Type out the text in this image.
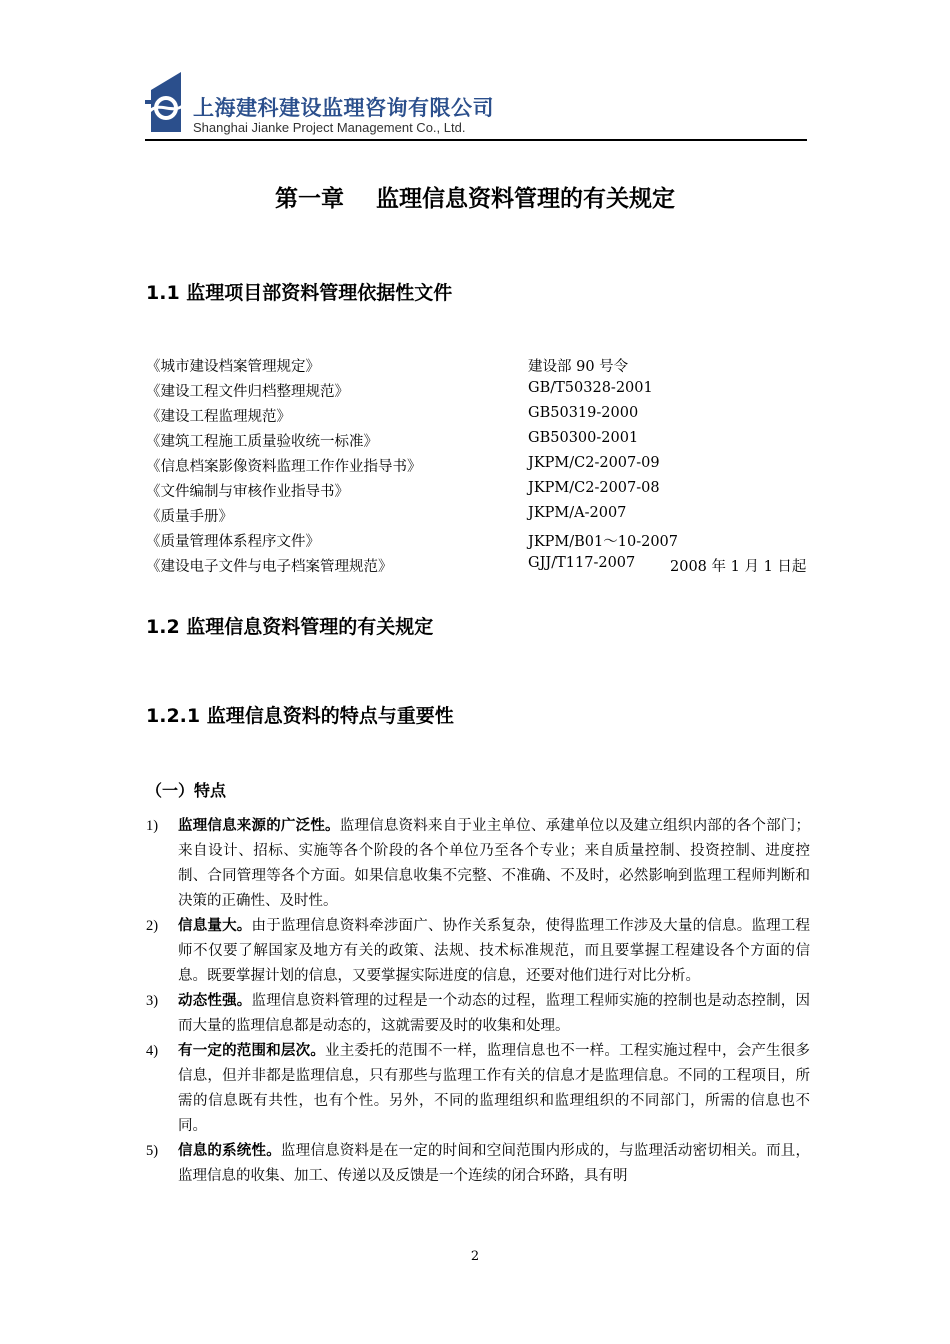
上海建科建设监理咨询有限公司
Shanghai Jianke Project Management Co., Ltd.
第一章    监理信息资料管理的有关规定
1.1 监理项目部资料管理依据性文件
《城市建设档案管理规定》	建设部 90 号令
《建设工程文件归档整理规范》	GB/T50328-2001
《建设工程监理规范》	GB50319-2000
《建筑工程施工质量验收统一标准》	GB50300-2001
《信息档案影像资料监理工作作业指导书》	JKPM/C2-2007-09
《文件编制与审核作业指导书》	JKPM/C2-2007-08
《质量手册》	JKPM/A-2007
《质量管理体系程序文件》	JKPM/B01～10-2007
《建设电子文件与电子档案管理规范》	GJJ/T117-2007 2008 年 1 月 1 日起
1.2 监理信息资料管理的有关规定
1.2.1 监理信息资料的特点与重要性
（一）特点
1) 监理信息来源的广泛性。监理信息资料来自于业主单位、承建单位以及建立组织内部的各个部门；来自设计、招标、实施等各个阶段的各个单位乃至各个专业；来自质量控制、投资控制、进度控制、合同管理等各个方面。如果信息收集不完整、不准确、不及时，必然影响到监理工程师判断和决策的正确性、及时性。
2) 信息量大。由于监理信息资料牵涉面广、协作关系复杂，使得监理工作涉及大量的信息。监理工程师不仅要了解国家及地方有关的政策、法规、技术标准规范，而且要掌握工程建设各个方面的信息。既要掌握计划的信息，又要掌握实际进度的信息，还要对他们进行对比分析。
3) 动态性强。监理信息资料管理的过程是一个动态的过程，监理工程师实施的控制也是动态控制，因而大量的监理信息都是动态的，这就需要及时的收集和处理。
4) 有一定的范围和层次。业主委托的范围不一样，监理信息也不一样。工程实施过程中，会产生很多信息，但并非都是监理信息，只有那些与监理工作有关的信息才是监理信息。不同的工程项目，所需的信息既有共性，也有个性。另外，不同的监理组织和监理组织的不同部门，所需的信息也不同。
5) 信息的系统性。监理信息资料是在一定的时间和空间范围内形成的，与监理活动密切相关。而且，监理信息的收集、加工、传递以及反馈是一个连续的闭合环路，具有明
2
